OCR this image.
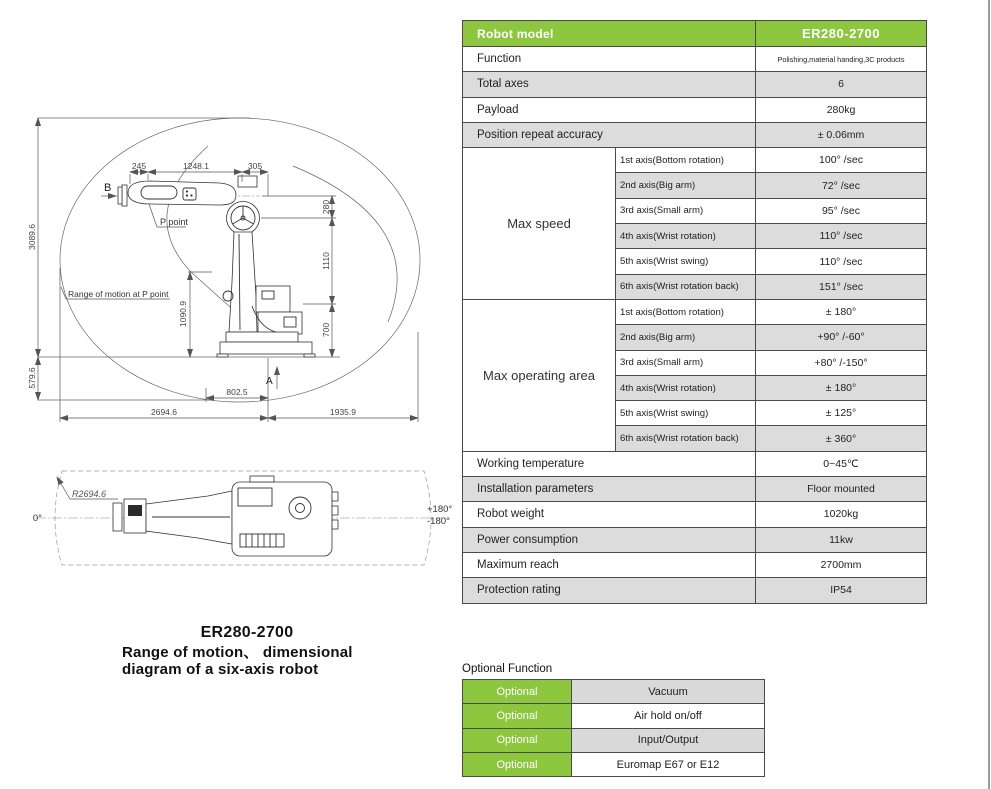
Robot model		ER280-2700
Function		Polishing,material handing,3C products
Total axes		6
Payload		280kg
Position repeat accuracy		± 0.06mm
Max speed	1st axis(Bottom rotation)	100° /sec
	2nd axis(Big arm)	72° /sec
	3rd axis(Small arm)	95° /sec
	4th axis(Wrist rotation)	110° /sec
	5th axis(Wrist swing)	110° /sec
	6th axis(Wrist rotation back)	151° /sec
Max operating area	1st axis(Bottom rotation)	± 180°
	2nd axis(Big arm)	+90° /-60°
	3rd axis(Small arm)	+80° /-150°
	4th axis(Wrist rotation)	± 180°
	5th axis(Wrist swing)	± 125°
	6th axis(Wrist rotation back)	± 360°
Working temperature		0~45℃
Installation parameters		Floor mounted
Robot weight		1020kg
Power consumption		11kw
Maximum reach		2700mm
Protection rating		IP54
Optional Function
Optional	Vacuum
Optional	Air hold on/off
Optional	Input/Output
Optional	Euromap E67 or E12
ER280-2700
Range of motion、 dimensional
diagram of a six-axis robot
245	1248.1	305
280
1110
700
3089.6
579.6
1090.9
802.5
2694.6	1935.9
B
A
P point
Range of motion at P point
0°
+180°
-180°
R2694.6
